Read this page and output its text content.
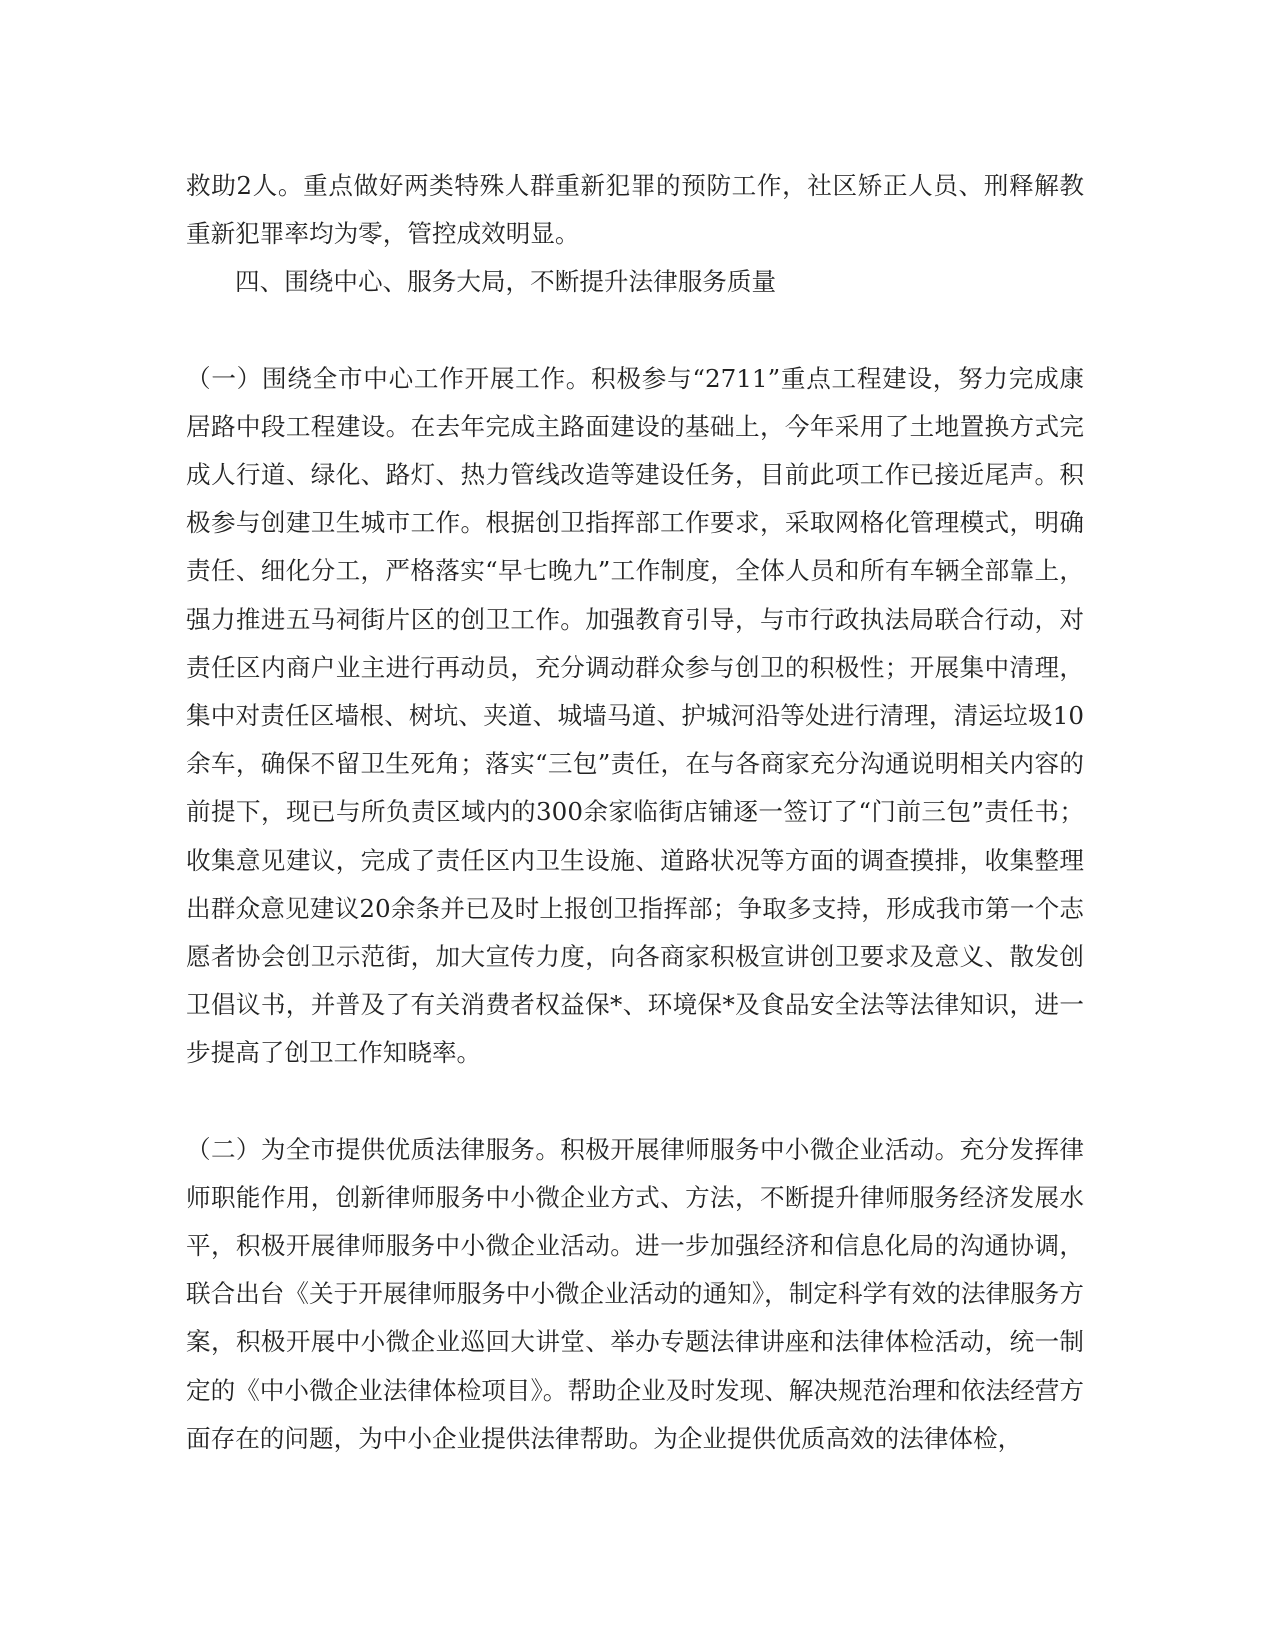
救助2人。重点做好两类特殊人群重新犯罪的预防工作，社区矫正人员、刑释解教重新犯罪率均为零，管控成效明显。

四、围绕中心、服务大局，不断提升法律服务质量

（一）围绕全市中心工作开展工作。积极参与“2711”重点工程建设，努力完成康居路中段工程建设。在去年完成主路面建设的基础上，今年采用了土地置换方式完成人行道、绿化、路灯、热力管线改造等建设任务，目前此项工作已接近尾声。积极参与创建卫生城市工作。根据创卫指挥部工作要求，采取网格化管理模式，明确责任、细化分工，严格落实“早七晚九”工作制度，全体人员和所有车辆全部靠上，强力推进五马祠街片区的创卫工作。加强教育引导，与市行政执法局联合行动，对责任区内商户业主进行再动员，充分调动群众参与创卫的积极性；开展集中清理，集中对责任区墙根、树坑、夹道、城墙马道、护城河沿等处进行清理，清运垃圾10余车，确保不留卫生死角；落实“三包”责任，在与各商家充分沟通说明相关内容的前提下，现已与所负责区域内的300余家临街店铺逐一签订了“门前三包”责任书；收集意见建议，完成了责任区内卫生设施、道路状况等方面的调查摸排，收集整理出群众意见建议20余条并已及时上报创卫指挥部；争取多支持，形成我市第一个志愿者协会创卫示范街，加大宣传力度，向各商家积极宣讲创卫要求及意义、散发创卫倡议书，并普及了有关消费者权益保*、环境保*及食品安全法等法律知识，进一步提高了创卫工作知晓率。

（二）为全市提供优质法律服务。积极开展律师服务中小微企业活动。充分发挥律师职能作用，创新律师服务中小微企业方式、方法，不断提升律师服务经济发展水平，积极开展律师服务中小微企业活动。进一步加强经济和信息化局的沟通协调，联合出台《关于开展律师服务中小微企业活动的通知》，制定科学有效的法律服务方案，积极开展中小微企业巡回大讲堂、举办专题法律讲座和法律体检活动，统一制定的《中小微企业法律体检项目》。帮助企业及时发现、解决规范治理和依法经营方面存在的问题，为中小企业提供法律帮助。为企业提供优质高效的法律体检，
